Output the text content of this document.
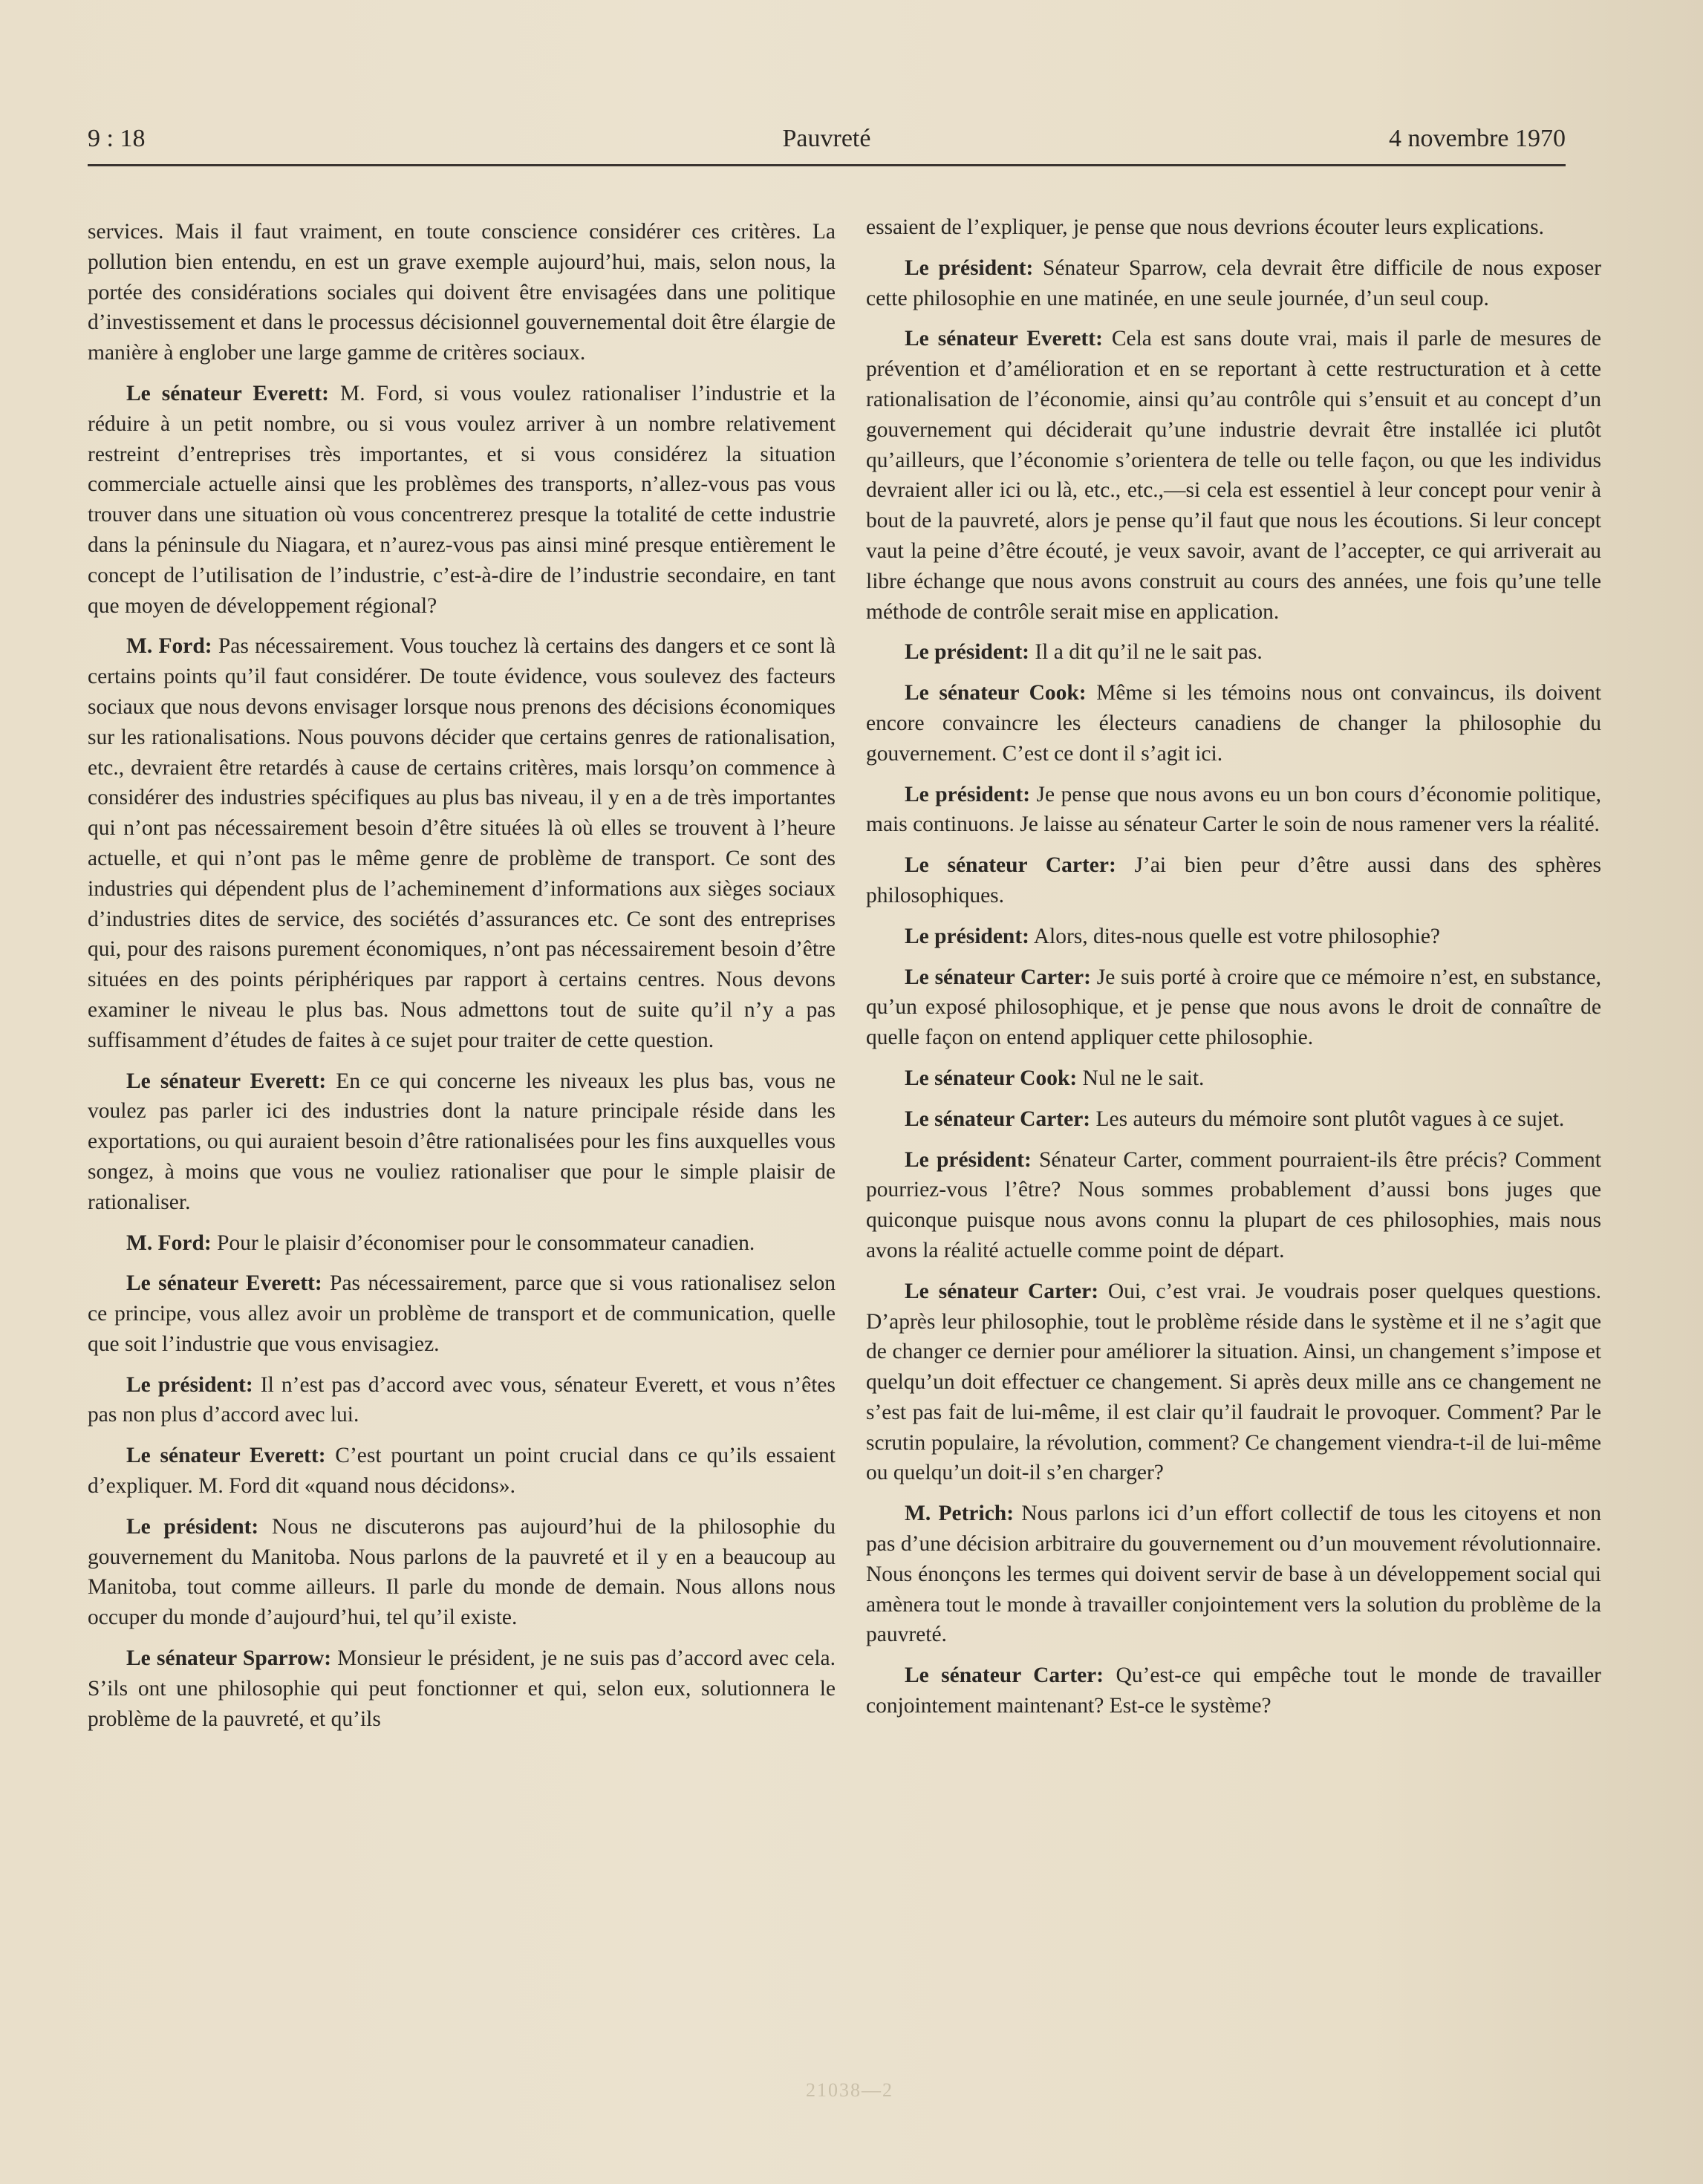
9 : 18	Pauvreté	4 novembre 1970

services. Mais il faut vraiment, en toute conscience considérer ces critères. La pollution bien entendu, en est un grave exemple aujourd’hui, mais, selon nous, la portée des considérations sociales qui doivent être envisagées dans une politique d’investissement et dans le processus décisionnel gouvernemental doit être élargie de manière à englober une large gamme de critères sociaux.

Le sénateur Everett: M. Ford, si vous voulez rationaliser l’industrie et la réduire à un petit nombre, ou si vous voulez arriver à un nombre relativement restreint d’entreprises très importantes, et si vous considérez la situation commerciale actuelle ainsi que les problèmes des transports, n’allez-vous pas vous trouver dans une situation où vous concentrerez presque la totalité de cette industrie dans la péninsule du Niagara, et n’aurez-vous pas ainsi miné presque entièrement le concept de l’utilisation de l’industrie, c’est-à-dire de l’industrie secondaire, en tant que moyen de développement régional?

M. Ford: Pas nécessairement. Vous touchez là certains des dangers et ce sont là certains points qu’il faut considérer. De toute évidence, vous soulevez des facteurs sociaux que nous devons envisager lorsque nous prenons des décisions économiques sur les rationalisations. Nous pouvons décider que certains genres de rationalisation, etc., devraient être retardés à cause de certains critères, mais lorsqu’on commence à considérer des industries spécifiques au plus bas niveau, il y en a de très importantes qui n’ont pas nécessairement besoin d’être situées là où elles se trouvent à l’heure actuelle, et qui n’ont pas le même genre de problème de transport. Ce sont des industries qui dépendent plus de l’acheminement d’informations aux sièges sociaux d’industries dites de service, des sociétés d’assurances etc. Ce sont des entreprises qui, pour des raisons purement économiques, n’ont pas nécessairement besoin d’être situées en des points périphériques par rapport à certains centres. Nous devons examiner le niveau le plus bas. Nous admettons tout de suite qu’il n’y a pas suffisamment d’études de faites à ce sujet pour traiter de cette question.

Le sénateur Everett: En ce qui concerne les niveaux les plus bas, vous ne voulez pas parler ici des industries dont la nature principale réside dans les exportations, ou qui auraient besoin d’être rationalisées pour les fins auxquelles vous songez, à moins que vous ne vouliez rationaliser que pour le simple plaisir de rationaliser.

M. Ford: Pour le plaisir d’économiser pour le consommateur canadien.

Le sénateur Everett: Pas nécessairement, parce que si vous rationalisez selon ce principe, vous allez avoir un problème de transport et de communication, quelle que soit l’industrie que vous envisagiez.

Le président: Il n’est pas d’accord avec vous, sénateur Everett, et vous n’êtes pas non plus d’accord avec lui.

Le sénateur Everett: C’est pourtant un point crucial dans ce qu’ils essaient d’expliquer. M. Ford dit «quand nous décidons».

Le président: Nous ne discuterons pas aujourd’hui de la philosophie du gouvernement du Manitoba. Nous parlons de la pauvreté et il y en a beaucoup au Manitoba, tout comme ailleurs. Il parle du monde de demain. Nous allons nous occuper du monde d’aujourd’hui, tel qu’il existe.

Le sénateur Sparrow: Monsieur le président, je ne suis pas d’accord avec cela. S’ils ont une philosophie qui peut fonctionner et qui, selon eux, solutionnera le problème de la pauvreté, et qu’ils

essaient de l’expliquer, je pense que nous devrions écouter leurs explications.

Le président: Sénateur Sparrow, cela devrait être difficile de nous exposer cette philosophie en une matinée, en une seule journée, d’un seul coup.

Le sénateur Everett: Cela est sans doute vrai, mais il parle de mesures de prévention et d’amélioration et en se reportant à cette restructuration et à cette rationalisation de l’économie, ainsi qu’au contrôle qui s’ensuit et au concept d’un gouvernement qui déciderait qu’une industrie devrait être installée ici plutôt qu’ailleurs, que l’économie s’orientera de telle ou telle façon, ou que les individus devraient aller ici ou là, etc., etc.,—si cela est essentiel à leur concept pour venir à bout de la pauvreté, alors je pense qu’il faut que nous les écoutions. Si leur concept vaut la peine d’être écouté, je veux savoir, avant de l’accepter, ce qui arriverait au libre échange que nous avons construit au cours des années, une fois qu’une telle méthode de contrôle serait mise en application.

Le président: Il a dit qu’il ne le sait pas.

Le sénateur Cook: Même si les témoins nous ont convaincus, ils doivent encore convaincre les électeurs canadiens de changer la philosophie du gouvernement. C’est ce dont il s’agit ici.

Le président: Je pense que nous avons eu un bon cours d’économie politique, mais continuons. Je laisse au sénateur Carter le soin de nous ramener vers la réalité.

Le sénateur Carter: J’ai bien peur d’être aussi dans des sphères philosophiques.

Le président: Alors, dites-nous quelle est votre philosophie?

Le sénateur Carter: Je suis porté à croire que ce mémoire n’est, en substance, qu’un exposé philosophique, et je pense que nous avons le droit de connaître de quelle façon on entend appliquer cette philosophie.

Le sénateur Cook: Nul ne le sait.

Le sénateur Carter: Les auteurs du mémoire sont plutôt vagues à ce sujet.

Le président: Sénateur Carter, comment pourraient-ils être précis? Comment pourriez-vous l’être? Nous sommes probablement d’aussi bons juges que quiconque puisque nous avons connu la plupart de ces philosophies, mais nous avons la réalité actuelle comme point de départ.

Le sénateur Carter: Oui, c’est vrai. Je voudrais poser quelques questions. D’après leur philosophie, tout le problème réside dans le système et il ne s’agit que de changer ce dernier pour améliorer la situation. Ainsi, un changement s’impose et quelqu’un doit effectuer ce changement. Si après deux mille ans ce changement ne s’est pas fait de lui-même, il est clair qu’il faudrait le provoquer. Comment? Par le scrutin populaire, la révolution, comment? Ce changement viendra-t-il de lui-même ou quelqu’un doit-il s’en charger?

M. Petrich: Nous parlons ici d’un effort collectif de tous les citoyens et non pas d’une décision arbitraire du gouvernement ou d’un mouvement révolutionnaire. Nous énonçons les termes qui doivent servir de base à un développement social qui amènera tout le monde à travailler conjointement vers la solution du problème de la pauvreté.

Le sénateur Carter: Qu’est-ce qui empêche tout le monde de travailler conjointement maintenant? Est-ce le système?

21038—2
